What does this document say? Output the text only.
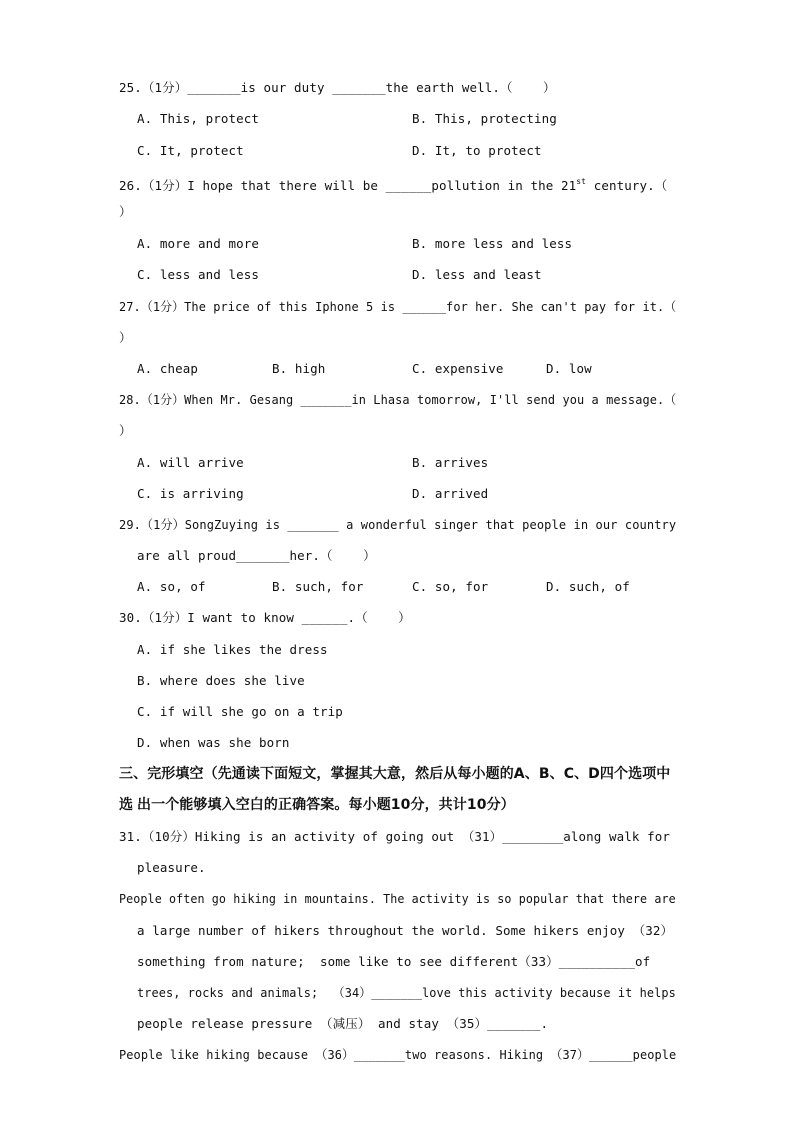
25.（1分）_______is our duty _______the earth well.（    ）
A. This, protect	B. This, protecting
C. It, protect	D. It, to protect
26.（1分）I hope that there will be ______pollution in the 21st century.（
）
A. more and more	B. more less and less
C. less and less	D. less and least
27.（1分）The price of this Iphone 5 is ______for her. She can't pay for it.（
）
A. cheap	B. high	C. expensive	D. low
28.（1分）When Mr. Gesang _______in Lhasa tomorrow, I'll send you a message.（
）
A. will arrive	B. arrives
C. is arriving	D. arrived
29.（1分）SongZuying is _______ a wonderful singer that people in our country
are all proud_______her.（    ）
A. so, of	B. such, for	C. so, for	D. such, of
30.（1分）I want to know ______.（    ）
A. if she likes the dress
B. where does she live
C. if will she go on a trip
D. when was she born
三、完形填空（先通读下面短文，掌握其大意，然后从每小题的A、B、C、D四个选项中选 出一个能够填入空白的正确答案。每小题10分，共计10分）
31.（10分）Hiking is an activity of going out （31）________along walk for
pleasure.
People often go hiking in mountains. The activity is so popular that there are
a large number of hikers throughout the world. Some hikers enjoy （32）
something from nature;  some like to see different（33）__________of
trees, rocks and animals;  （34）_______love this activity because it helps
people release pressure （减压） and stay （35）_______.
People like hiking because （36）_______two reasons. Hiking （37）______people
